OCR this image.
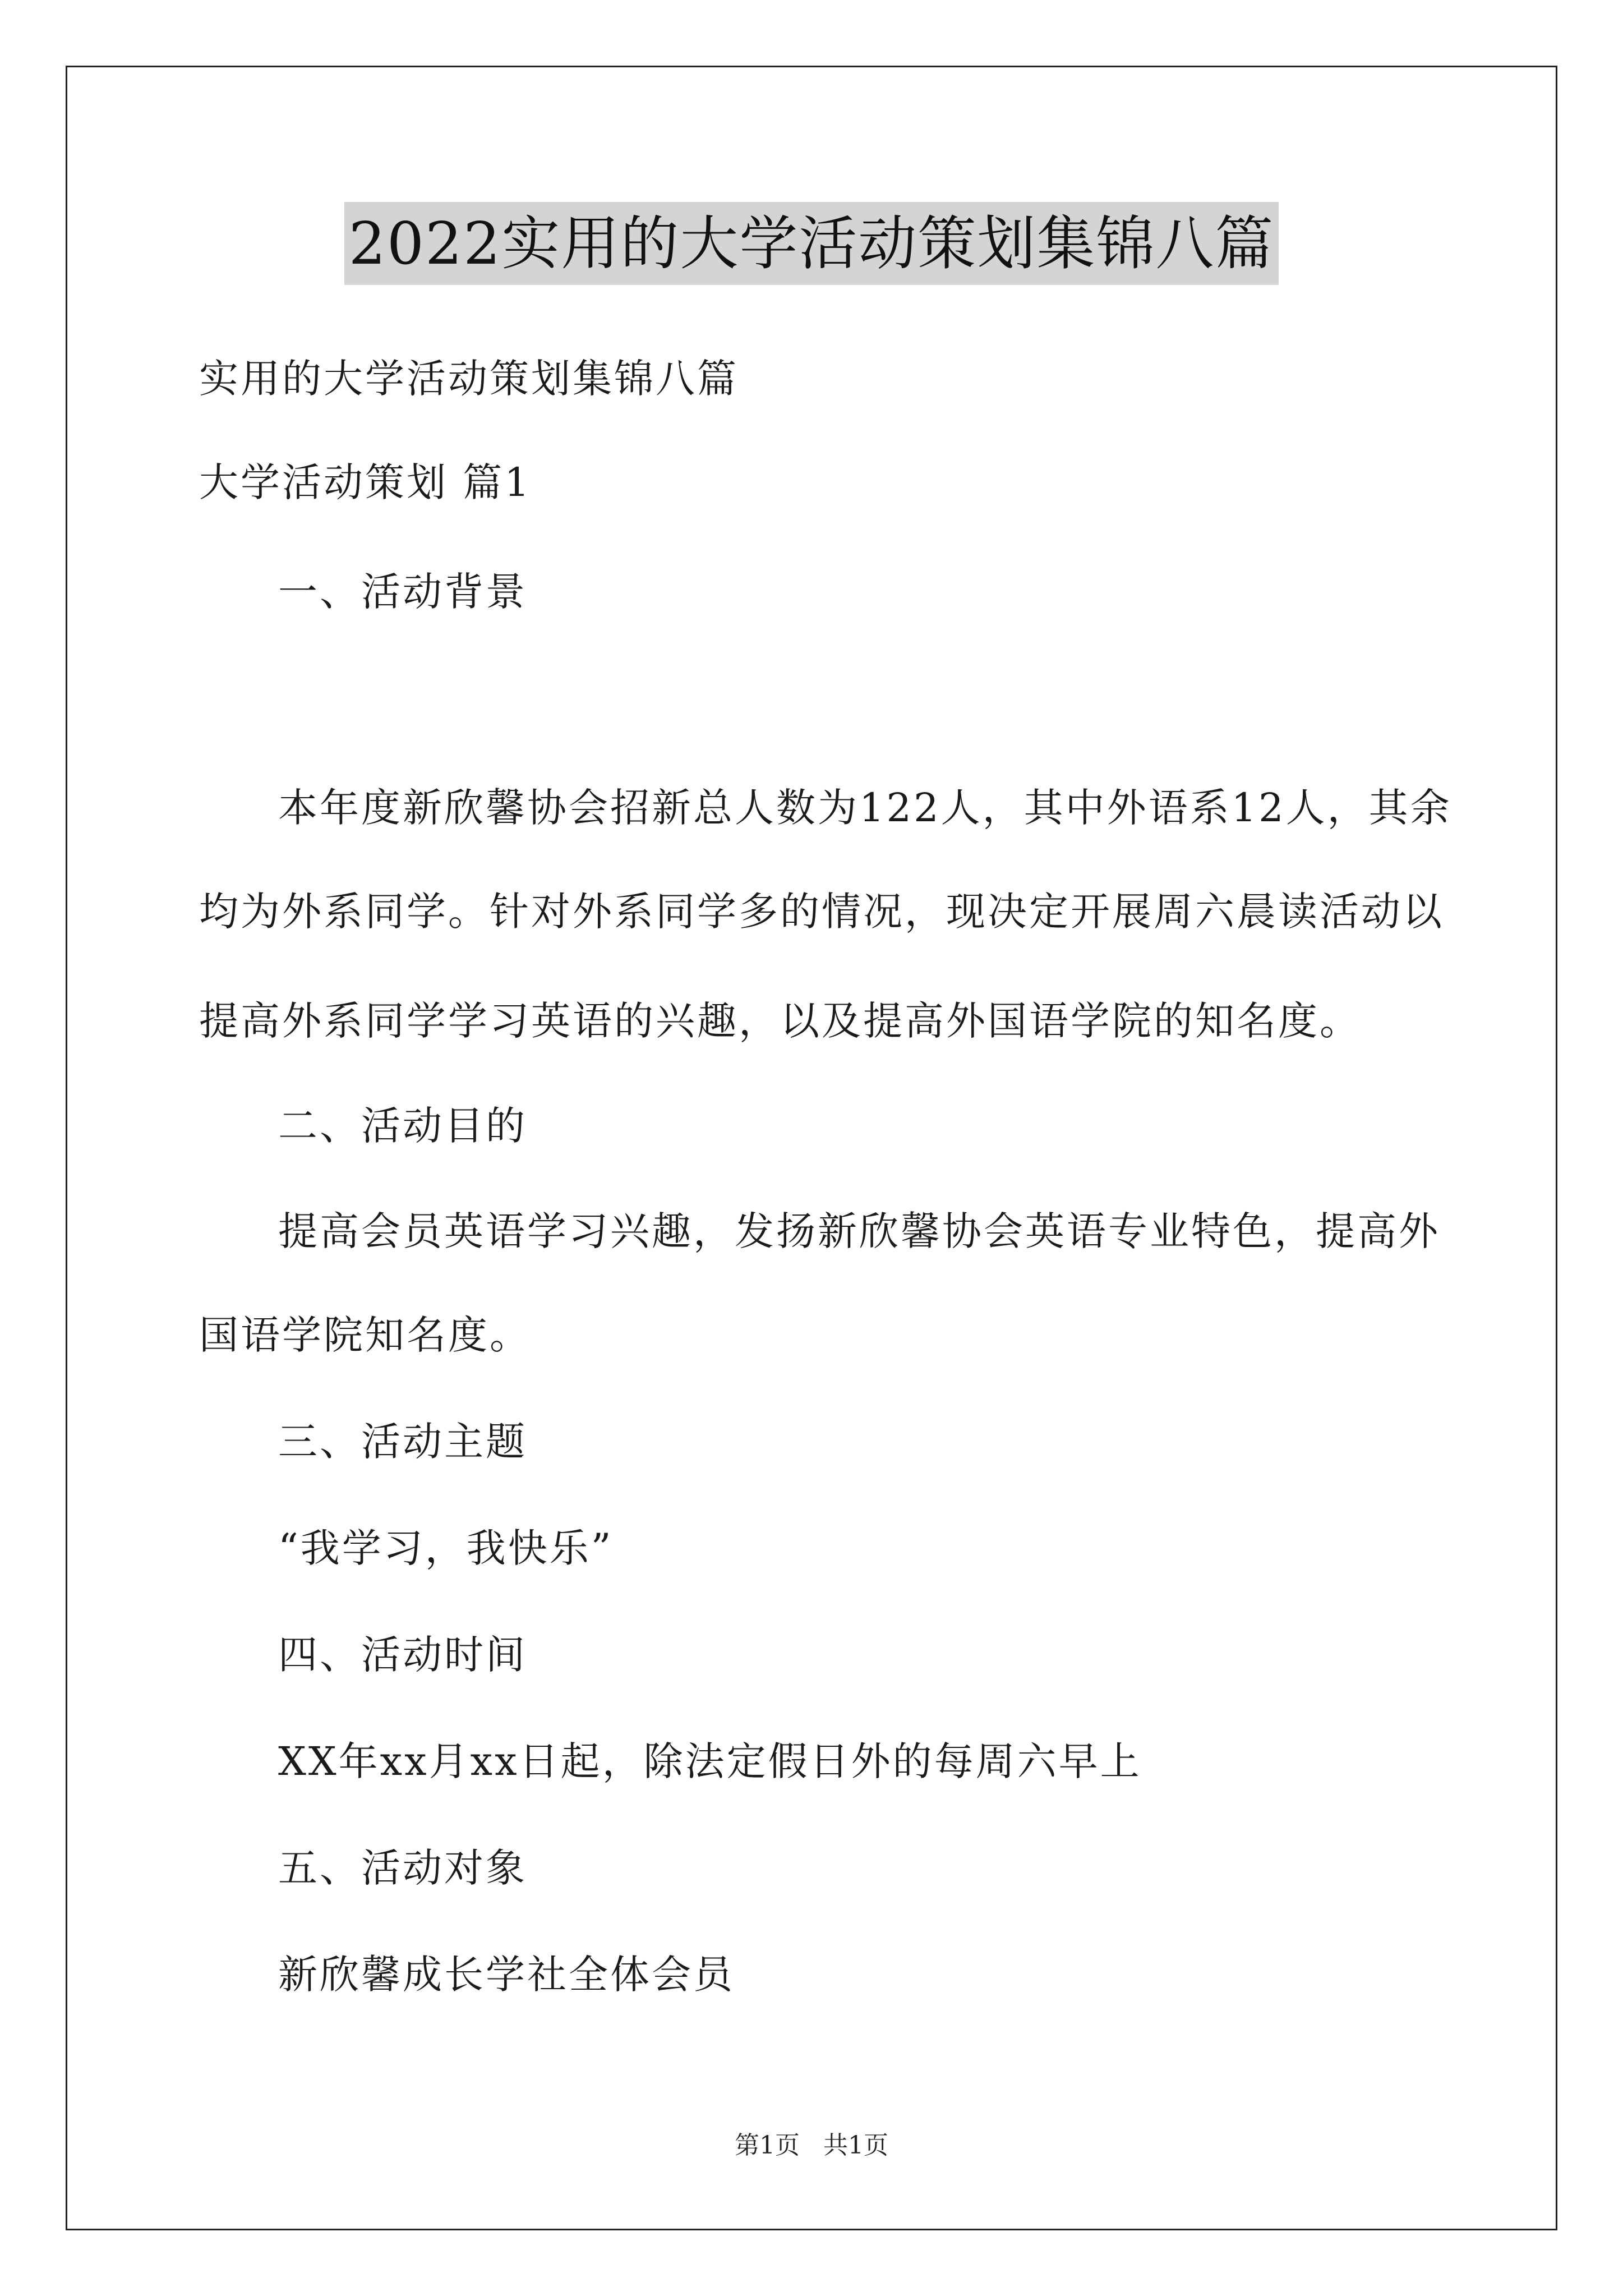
2022实用的大学活动策划集锦八篇
实用的大学活动策划集锦八篇
大学活动策划 篇1
一、活动背景
本年度新欣馨协会招新总人数为122人，其中外语系12人，其余
均为外系同学。针对外系同学多的情况，现决定开展周六晨读活动以
提高外系同学学习英语的兴趣，以及提高外国语学院的知名度。
二、活动目的
提高会员英语学习兴趣，发扬新欣馨协会英语专业特色，提高外
国语学院知名度。
三、活动主题
“我学习，我快乐”
四、活动时间
XX年xx月xx日起，除法定假日外的每周六早上
五、活动对象
新欣馨成长学社全体会员
第1页 共1页
